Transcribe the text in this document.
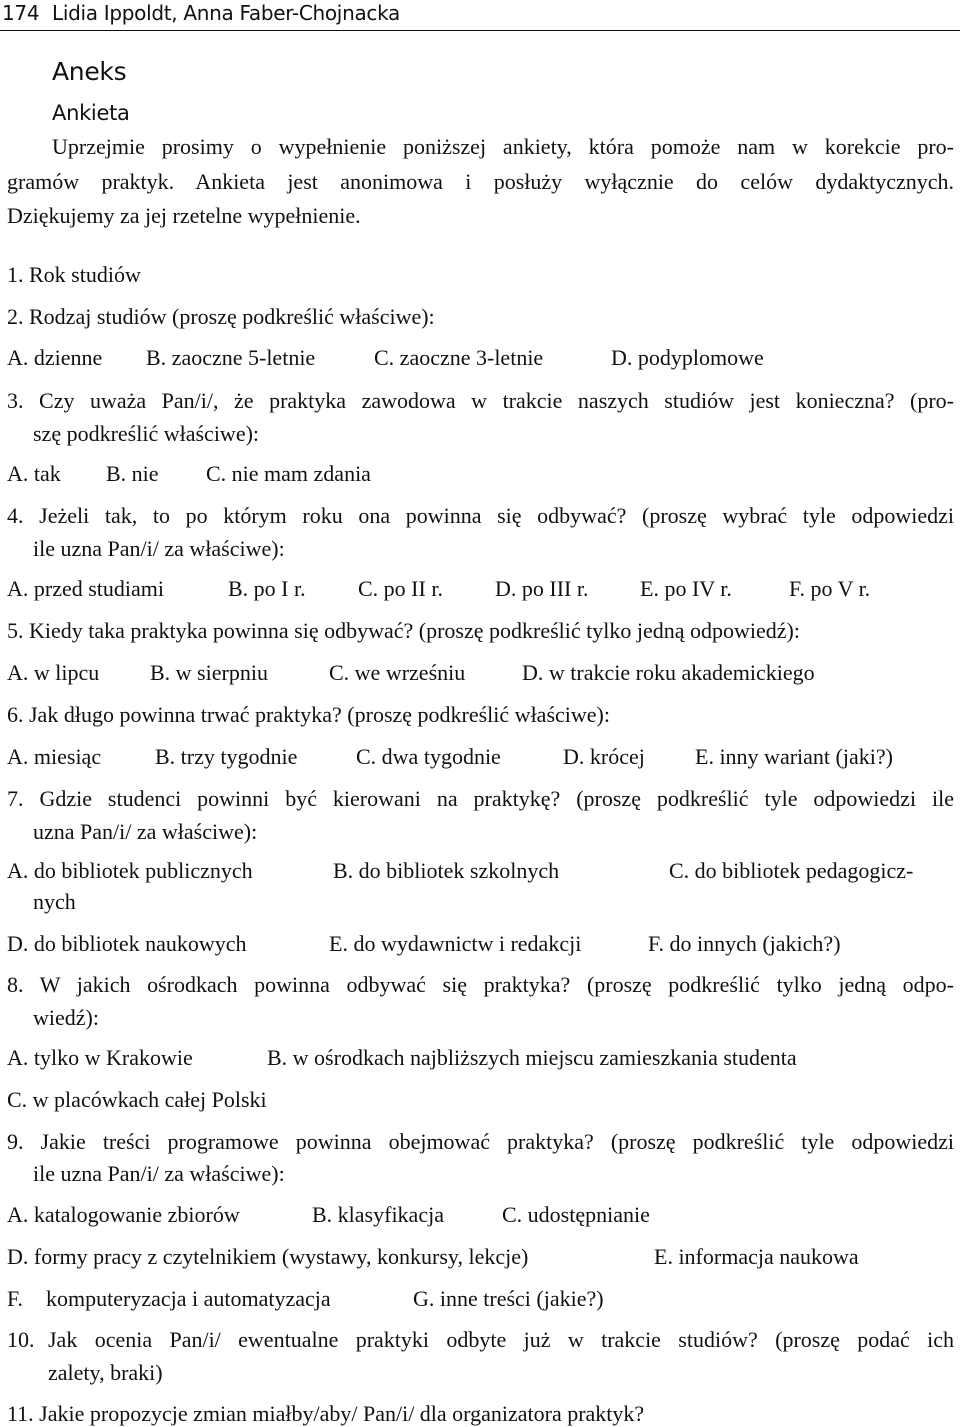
174 Lidia Ippoldt, Anna Faber-Chojnacka
Aneks
Ankieta
Uprzejmie prosimy o wypełnienie poniższej ankiety, która pomoże nam w korekcie pro-
gramów praktyk. Ankieta jest anonimowa i posłuży wyłącznie do celów dydaktycznych.
Dziękujemy za jej rzetelne wypełnienie.
1. Rok studiów
2. Rodzaj studiów (proszę podkreślić właściwe):
A. dzienne B. zaoczne 5-letnie	C. zaoczne 3-letnie	D. podyplomowe
3. Czy uważa Pan/i/, że praktyka zawodowa w trakcie naszych studiów jest konieczna? (pro-
szę podkreślić właściwe):
A. tak B. nie C. nie mam zdania
4. Jeżeli tak, to po którym roku ona powinna się odbywać? (proszę wybrać tyle odpowiedzi
ile uzna Pan/i/ za właściwe):
A. przed studiami	B. po I r. C. po II r. D. po III r. E. po IV r.	F. po V r.
5. Kiedy taka praktyka powinna się odbywać? (proszę podkreślić tylko jedną odpowiedź):
A. w lipcu B. w sierpniu	C. we wrześniu	D. w trakcie roku akademickiego
6. Jak długo powinna trwać praktyka? (proszę podkreślić właściwe):
A. miesiąc B. trzy tygodnie	C. dwa tygodnie	D. krócej E. inny wariant (jaki?)
7. Gdzie studenci powinni być kierowani na praktykę? (proszę podkreślić tyle odpowiedzi ile
uzna Pan/i/ za właściwe):
A. do bibliotek publicznych	B. do bibliotek szkolnych	C. do bibliotek pedagogicz-
nych
D. do bibliotek naukowych	E. do wydawnictw i redakcji	F. do innych (jakich?)
8. W jakich ośrodkach powinna odbywać się praktyka? (proszę podkreślić tylko jedną odpo-
wiedź):
A. tylko w Krakowie	B. w ośrodkach najbliższych miejscu zamieszkania studenta
C. w placówkach całej Polski
9. Jakie treści programowe powinna obejmować praktyka? (proszę podkreślić tyle odpowiedzi
ile uzna Pan/i/ za właściwe):
A. katalogowanie zbiorów	B. klasyfikacja	C. udostępnianie
D. formy pracy z czytelnikiem (wystawy, konkursy, lekcje)	E. informacja naukowa
F. komputeryzacja i automatyzacja	G. inne treści (jakie?)
10. Jak ocenia Pan/i/ ewentualne praktyki odbyte już w trakcie studiów? (proszę podać ich
zalety, braki)
11. Jakie propozycje zmian miałby/aby/ Pan/i/ dla organizatora praktyk?
